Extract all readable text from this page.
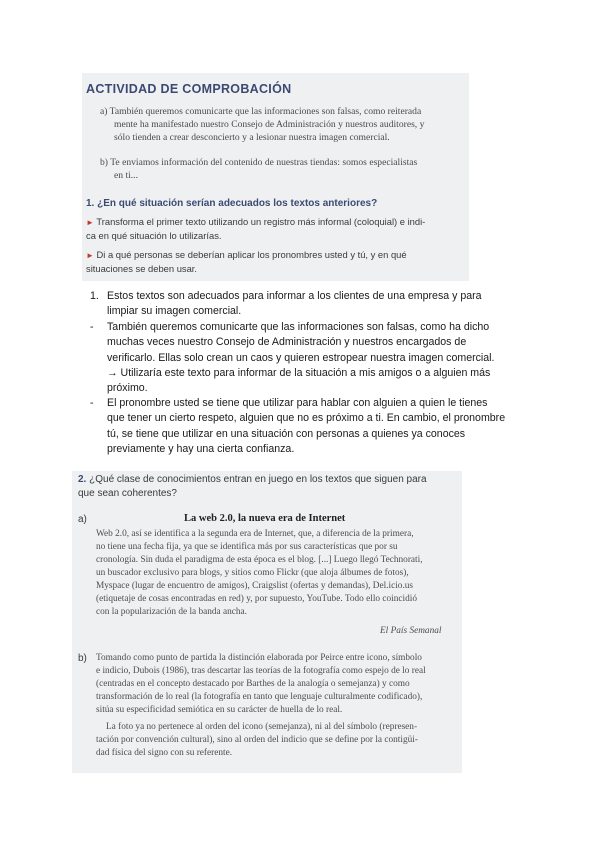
ACTIVIDAD DE COMPROBACIÓN
a) También queremos comunicarte que las informaciones son falsas, como reiterada
mente ha manifestado nuestro Consejo de Administración y nuestros auditores, y
sólo tienden a crear desconcierto y a lesionar nuestra imagen comercial.
b) Te enviamos información del contenido de nuestras tiendas: somos especialistas
en ti...
1. ¿En qué situación serían adecuados los textos anteriores?
► Transforma el primer texto utilizando un registro más informal (coloquial) e indi-
ca en qué situación lo utilizarías.
► Di a qué personas se deberían aplicar los pronombres usted y tú, y en qué
situaciones se deben usar.
1. Estos textos son adecuados para informar a los clientes de una empresa y para
limpiar su imagen comercial.
- También queremos comunicarte que las informaciones son falsas, como ha dicho
muchas veces nuestro Consejo de Administración y nuestros encargados de
verificarlo. Ellas solo crean un caos y quieren estropear nuestra imagen comercial.
→ Utilizaría este texto para informar de la situación a mis amigos o a alguien más
próximo.
- El pronombre usted se tiene que utilizar para hablar con alguien a quien le tienes
que tener un cierto respeto, alguien que no es próximo a ti. En cambio, el pronombre
tú, se tiene que utilizar en una situación con personas a quienes ya conoces
previamente y hay una cierta confianza.
2. ¿Qué clase de conocimientos entran en juego en los textos que siguen para
que sean coherentes?
a)	La web 2.0, la nueva era de Internet
Web 2.0, así se identifica a la segunda era de Internet, que, a diferencia de la primera,
no tiene una fecha fija, ya que se identifica más por sus características que por su
cronología. Sin duda el paradigma de esta época es el blog. [...] Luego llegó Technorati,
un buscador exclusivo para blogs, y sitios como Flickr (que aloja álbumes de fotos),
Myspace (lugar de encuentro de amigos), Craigslist (ofertas y demandas), Del.icio.us
(etiquetaje de cosas encontradas en red) y, por supuesto, YouTube. Todo ello coincidió
con la popularización de la banda ancha.
El País Semanal
b) Tomando como punto de partida la distinción elaborada por Peirce entre icono, símbolo
e indicio, Dubois (1986), tras descartar las teorías de la fotografía como espejo de lo real
(centradas en el concepto destacado por Barthes de la analogía o semejanza) y como
transformación de lo real (la fotografía en tanto que lenguaje culturalmente codificado),
sitúa su especificidad semiótica en su carácter de huella de lo real.
La foto ya no pertenece al orden del icono (semejanza), ni al del símbolo (represen-
tación por convención cultural), sino al orden del indicio que se define por la contigüi-
dad física del signo con su referente.
